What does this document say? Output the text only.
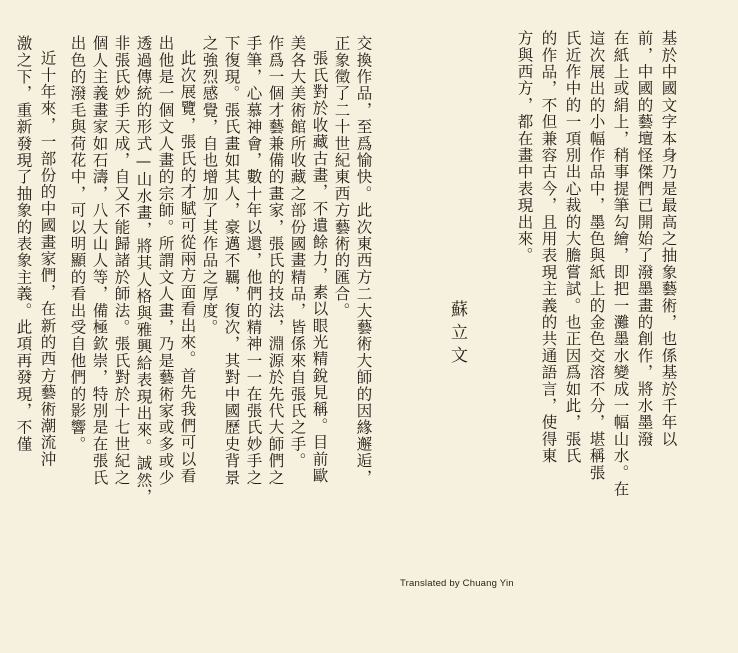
基於中國文字本身乃是最高之抽象藝術，也係基於千年以
前，中國的藝壇怪傑們已開始了潑墨畫的創作，將水墨潑
在紙上或絹上，稍事提筆勾繪，即把一灘墨水變成一幅山水。在
這次展出的小幅作品中，墨色與紙上的金色交溶不分，堪稱張
氏近作中的一項別出心裁的大膽嘗試。也正因爲如此，張氏
的作品，不但兼容古今，且用表現主義的共通語言，使得東
方與西方，都在畫中表現出來。
蘇立文
交換作品，至爲愉快。此次東西方二大藝術大師的因緣邂逅，
正象徵了二十世紀東西方藝術的匯合。
張氏對於收藏古畫，不遺餘力，素以眼光精銳見稱。目前歐
美各大美術館所收藏之部份國畫精品，皆係來自張氏之手。
作爲一個才藝兼備的畫家，張氏的技法，淵源於先代大師們之
手筆，心慕神會，數十年以還，他們的精神一一在張氏妙手之
下復現。張氏畫如其人，豪邁不羈，復次，其對中國歷史背景
之強烈感覺，自也增加了其作品之厚度。
此次展覽，張氏的才賦可從兩方面看出來。首先我們可以看
出他是一個文人畫的宗師。所謂文人畫，乃是藝術家或多或少
透過傳統的形式—山水畫，將其人格與雅興給表現出來。誠然，
非張氏妙手天成，自又不能歸諸於師法。張氏對於十七世紀之
個人主義畫家如石濤，八大山人等，備極欽崇，特別是在張氏
出色的潑毛與荷花中，可以明顯的看出受自他們的影響。
近十年來，一部份的中國畫家們，在新的西方藝術潮流沖
激之下，重新發現了抽象的表象主義。此項再發現，不僅
Translated by Chuang Yin
